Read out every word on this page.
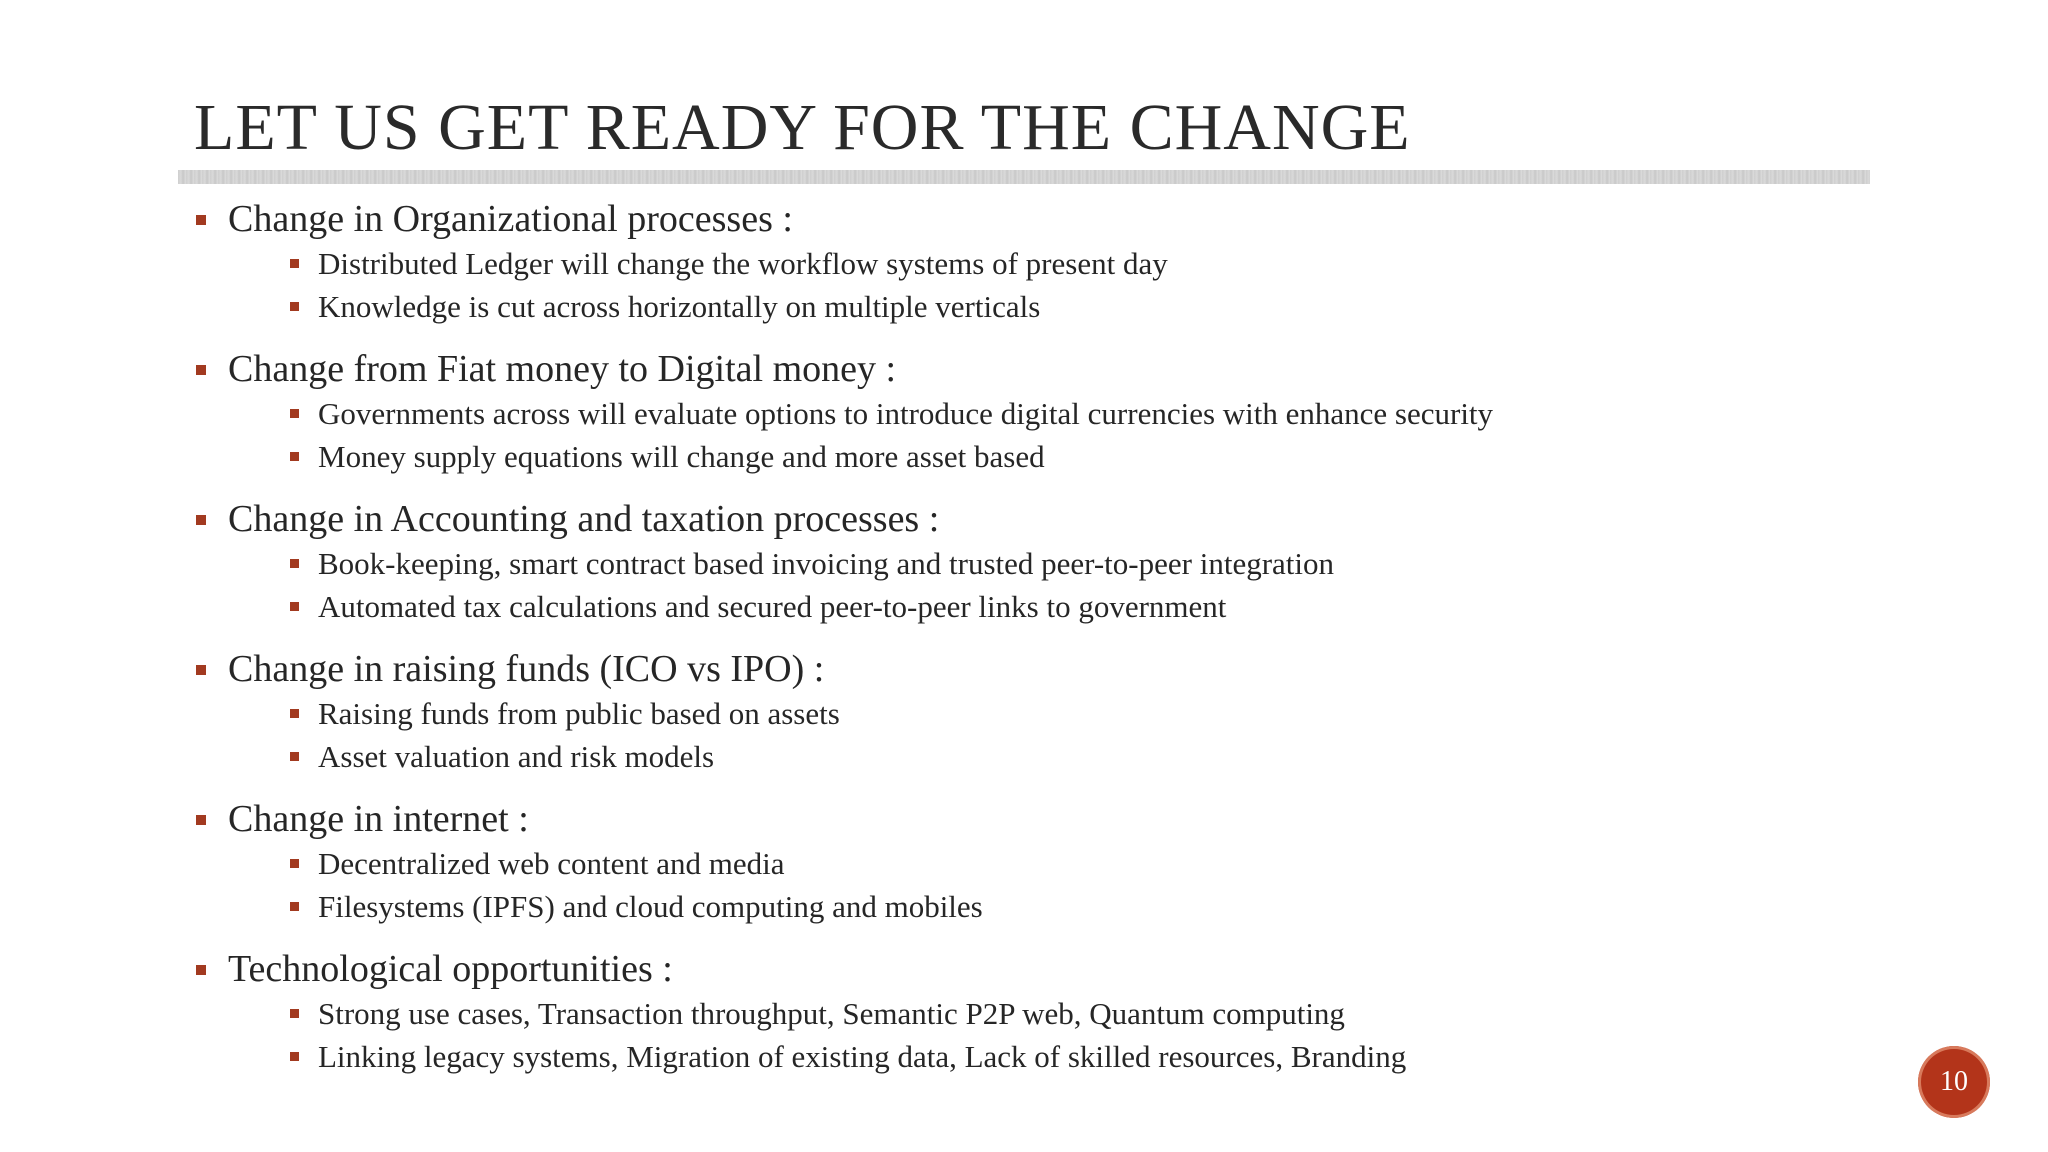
LET US GET READY FOR THE CHANGE
Change in Organizational processes :
Distributed Ledger will change the workflow systems of present day
Knowledge is cut across horizontally on multiple verticals
Change from Fiat money to Digital money :
Governments across will evaluate options to introduce digital currencies with enhance security
Money supply equations will change and more asset based
Change in Accounting and taxation processes :
Book-keeping, smart contract based invoicing and trusted peer-to-peer integration
Automated tax calculations and secured peer-to-peer links to government
Change in raising funds (ICO vs IPO) :
Raising funds from public based on assets
Asset valuation and risk models
Change in internet :
Decentralized web content and media
Filesystems (IPFS) and cloud computing and mobiles
Technological opportunities :
Strong use cases, Transaction throughput, Semantic P2P web, Quantum computing
Linking legacy systems, Migration of existing data, Lack of skilled resources, Branding
10
